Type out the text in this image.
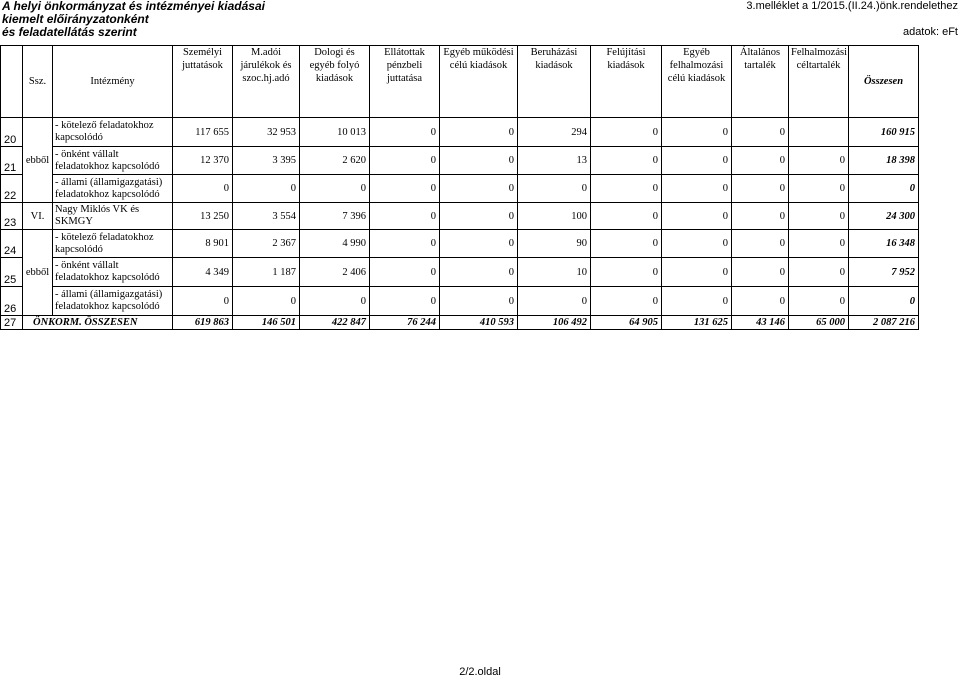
A helyi önkormányzat és intézményei kiadásai
kiemelt előirányzatonként
és feladatellátás szerint
3.melléklet a 1/2015.(II.24.)önk.rendelethez
adatok: eFt
	Ssz.	Intézmény	Személyi juttatások	M.adói járulékok és szoc.hj.adó	Dologi és egyéb folyó kiadások	Ellátottak pénzbeli juttatása	Egyéb működési célú kiadások	Beruházási kiadások	Felújítási kiadások	Egyéb felhalmozási célú kiadások	Általános tartalék	Felhalmozási céltartalék	Összesen
20	ebből	- kötelező feladatokhoz kapcsolódó	117 655	32 953	10 013	0	0	294	0	0	0		160 915
21		- önként vállalt feladatokhoz kapcsolódó	12 370	3 395	2 620	0	0	13	0	0	0	0	18 398
22		- állami (államigazgatási) feladatokhoz kapcsolódó	0	0	0	0	0	0	0	0	0	0	0
23	VI.	Nagy Miklós VK és SKMGY	13 250	3 554	7 396	0	0	100	0	0	0	0	24 300
24	ebből	- kötelező feladatokhoz kapcsolódó	8 901	2 367	4 990	0	0	90	0	0	0	0	16 348
25		- önként vállalt feladatokhoz kapcsolódó	4 349	1 187	2 406	0	0	10	0	0	0	0	7 952
26		- állami (államigazgatási) feladatokhoz kapcsolódó	0	0	0	0	0	0	0	0	0	0	0
27	ÖNKORM. ÖSSZESEN		619 863	146 501	422 847	76 244	410 593	106 492	64 905	131 625	43 146	65 000	2 087 216
2/2.oldal
